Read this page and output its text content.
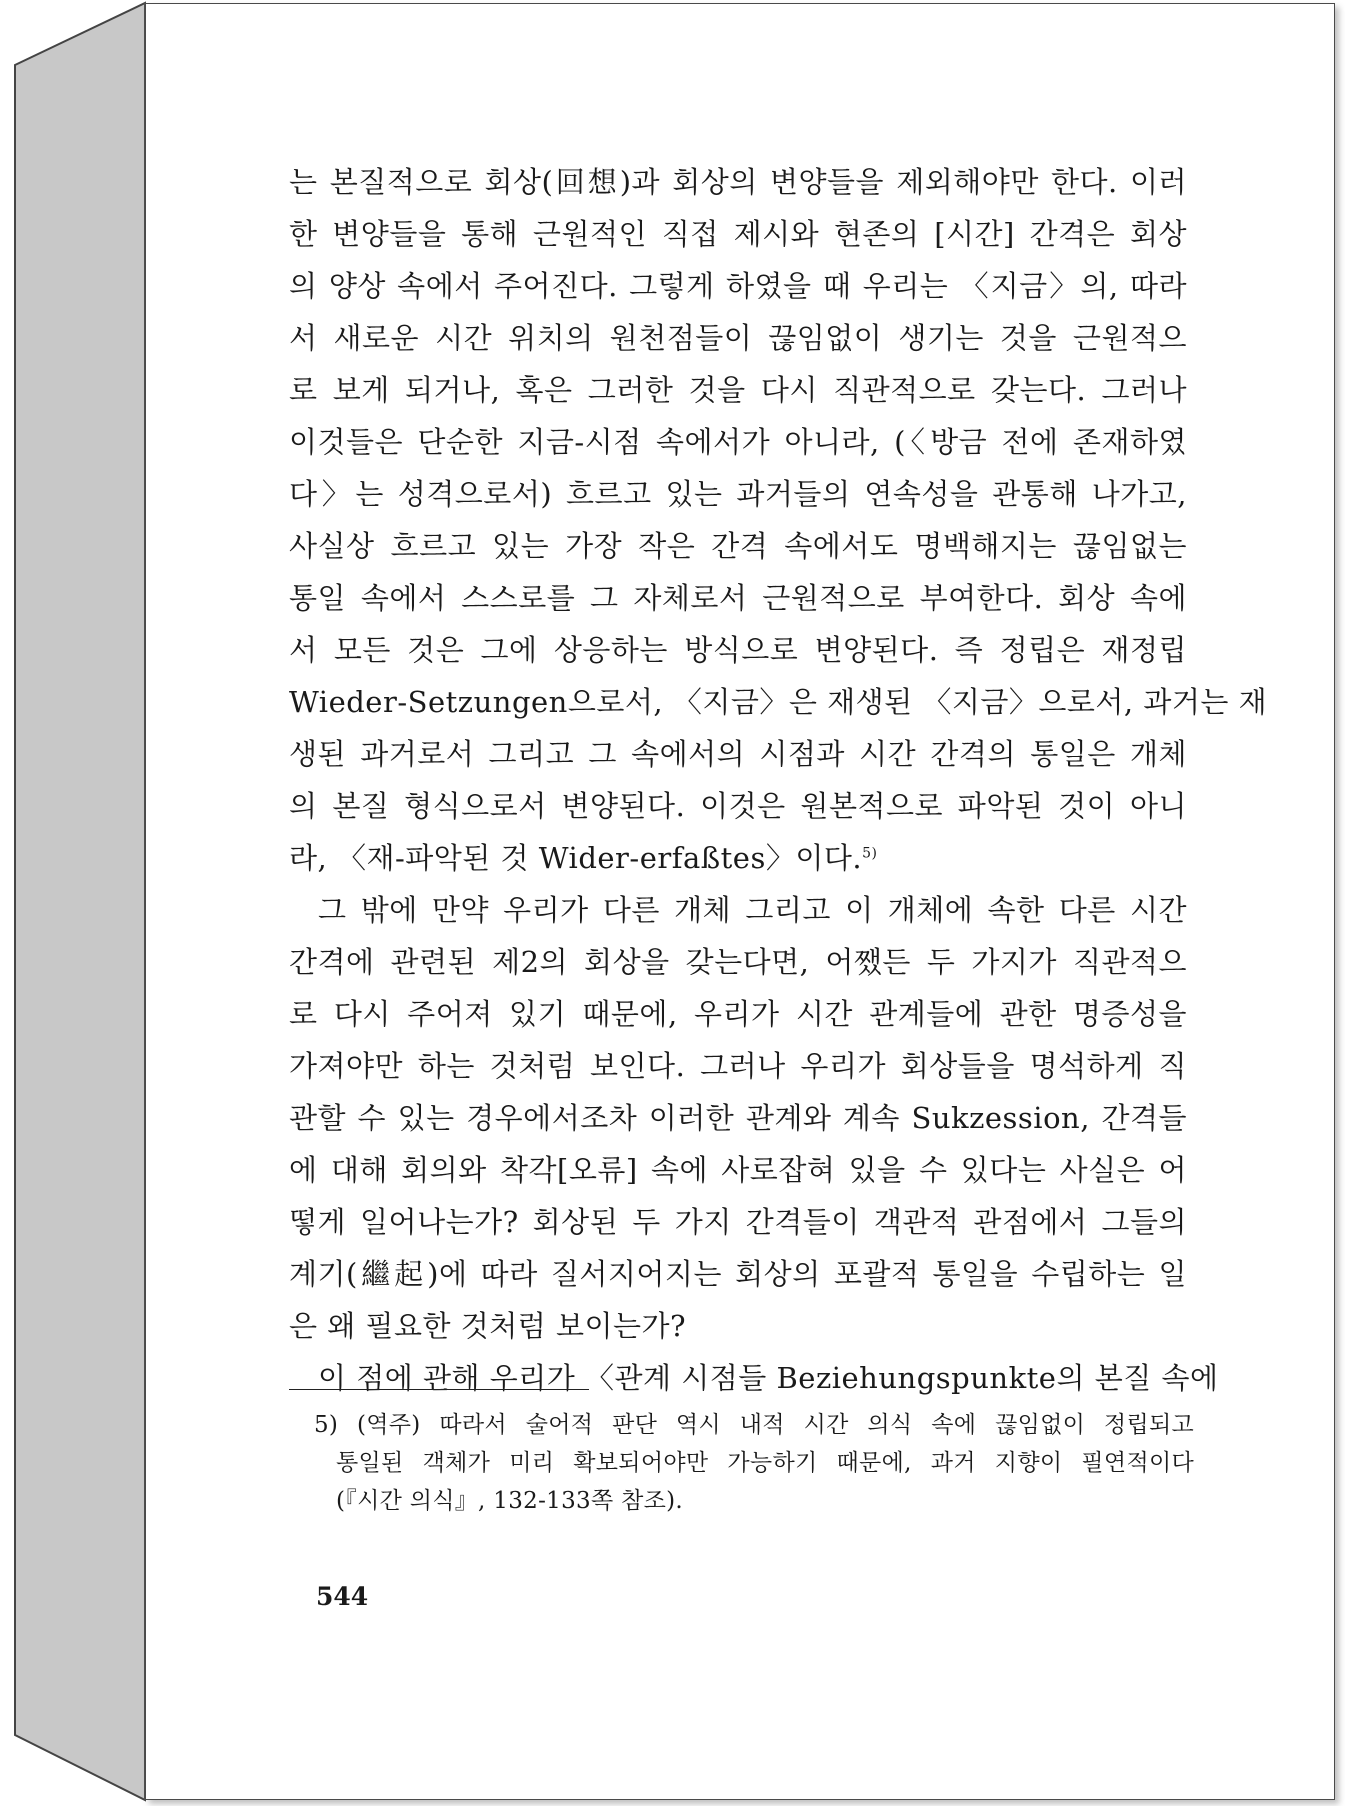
는 본질적으로 회상(回想)과 회상의 변양들을 제외해야만 한다. 이러
한 변양들을 통해 근원적인 직접 제시와 현존의 [시간] 간격은 회상
의 양상 속에서 주어진다. 그렇게 하였을 때 우리는 〈지금〉의, 따라
서 새로운 시간 위치의 원천점들이 끊임없이 생기는 것을 근원적으
로 보게 되거나, 혹은 그러한 것을 다시 직관적으로 갖는다. 그러나
이것들은 단순한 지금-시점 속에서가 아니라, (〈방금 전에 존재하였
다〉는 성격으로서) 흐르고 있는 과거들의 연속성을 관통해 나가고,
사실상 흐르고 있는 가장 작은 간격 속에서도 명백해지는 끊임없는
통일 속에서 스스로를 그 자체로서 근원적으로 부여한다. 회상 속에
서 모든 것은 그에 상응하는 방식으로 변양된다. 즉 정립은 재정립
Wieder-Setzungen으로서, 〈지금〉은 재생된 〈지금〉으로서, 과거는 재
생된 과거로서 그리고 그 속에서의 시점과 시간 간격의 통일은 개체
의 본질 형식으로서 변양된다. 이것은 원본적으로 파악된 것이 아니
라, 〈재-파악된 것 Wider-erfaßtes〉이다.$^{5)}$
그 밖에 만약 우리가 다른 개체 그리고 이 개체에 속한 다른 시간
간격에 관련된 제2의 회상을 갖는다면, 어쨌든 두 가지가 직관적으
로 다시 주어져 있기 때문에, 우리가 시간 관계들에 관한 명증성을
가져야만 하는 것처럼 보인다. 그러나 우리가 회상들을 명석하게 직
관할 수 있는 경우에서조차 이러한 관계와 계속 Sukzession, 간격들
에 대해 회의와 착각[오류] 속에 사로잡혀 있을 수 있다는 사실은 어
떻게 일어나는가? 회상된 두 가지 간격들이 객관적 관점에서 그들의
계기(繼起)에 따라 질서지어지는 회상의 포괄적 통일을 수립하는 일
은 왜 필요한 것처럼 보이는가?
이 점에 관해 우리가 〈관계 시점들 Beziehungspunkte의 본질 속에
5) (역주) 따라서 술어적 판단 역시 내적 시간 의식 속에 끊임없이 정립되고
통일된 객체가 미리 확보되어야만 가능하기 때문에, 과거 지향이 필연적이다
(『시간 의식』, 132-133쪽 참조).
544
